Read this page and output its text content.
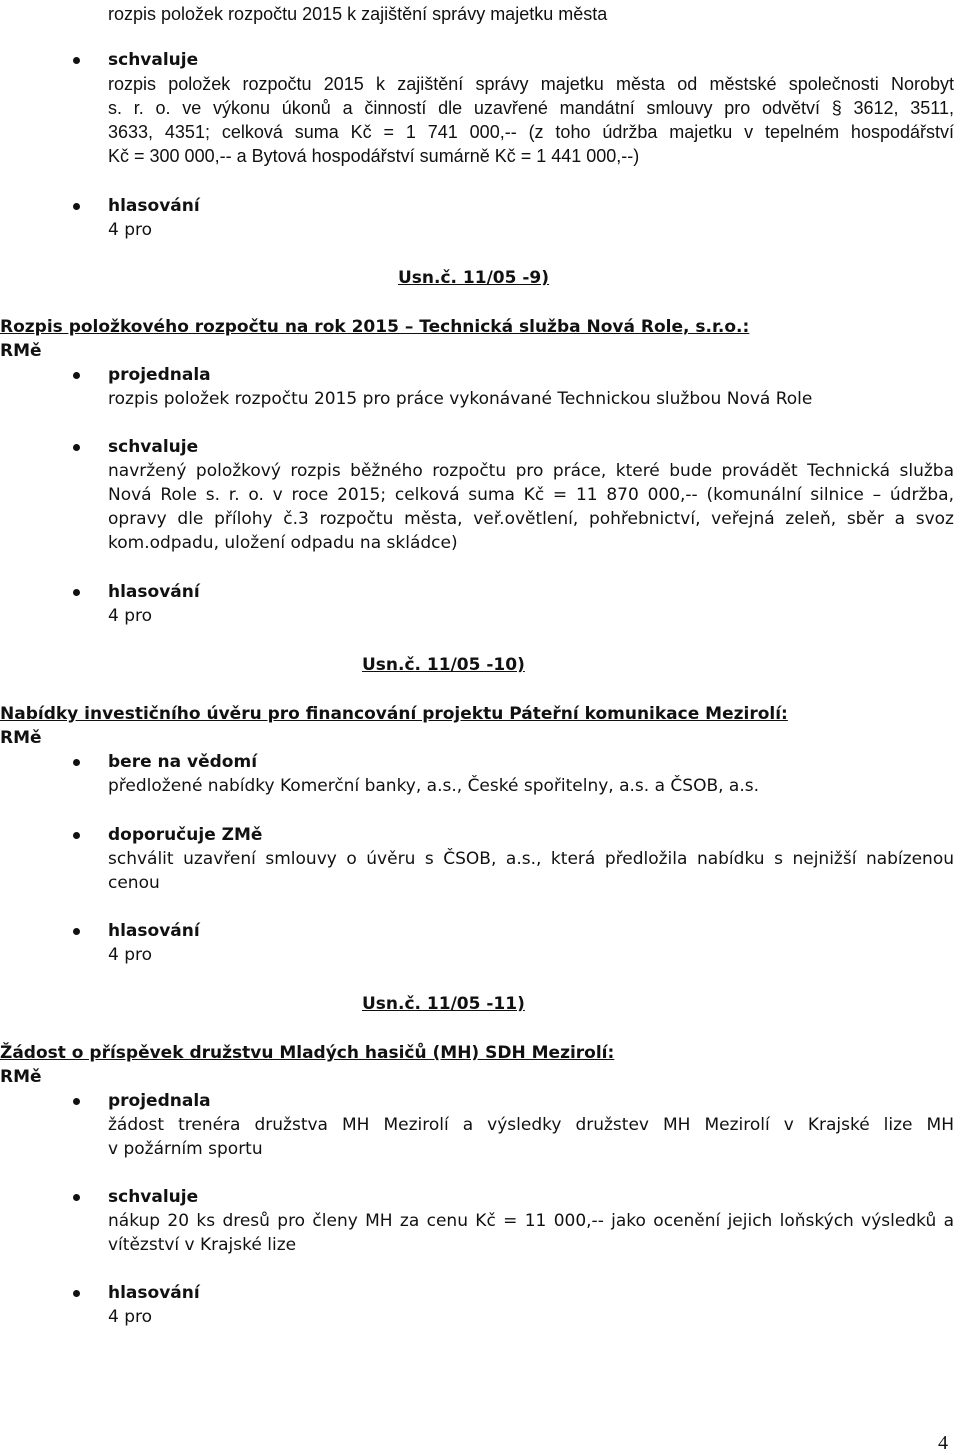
rozpis položek rozpočtu 2015 k zajištění správy majetku města
schvaluje
rozpis položek rozpočtu 2015 k zajištění správy majetku města od městské společnosti Norobyt
s. r. o. ve výkonu úkonů a činností dle uzavřené mandátní smlouvy pro odvětví § 3612, 3511,
3633, 4351; celková suma Kč = 1 741 000,-- (z toho údržba majetku v tepelném hospodářství
Kč = 300 000,-- a Bytová hospodářství sumárně Kč = 1 441 000,--)
hlasování
4 pro
Usn.č. 11/05 -9)
Rozpis položkového rozpočtu na rok 2015 – Technická služba Nová Role, s.r.o.:
RMě
projednala
rozpis položek rozpočtu 2015 pro práce vykonávané Technickou službou Nová Role
schvaluje
navržený položkový rozpis běžného rozpočtu pro práce, které bude provádět Technická služba
Nová Role s. r. o. v roce 2015; celková suma Kč = 11 870 000,-- (komunální silnice – údržba,
opravy dle přílohy č.3 rozpočtu města, veř.ovětlení, pohřebnictví, veřejná zeleň, sběr a svoz
kom.odpadu, uložení odpadu na skládce)
hlasování
4 pro
Usn.č. 11/05 -10)
Nabídky investičního úvěru pro financování projektu Páteřní komunikace Mezirolí:
RMě
bere na vědomí
předložené nabídky Komerční banky, a.s., České spořitelny, a.s. a ČSOB, a.s.
doporučuje ZMě
schválit uzavření smlouvy o úvěru s ČSOB, a.s., která předložila nabídku s nejnižší nabízenou
cenou
hlasování
4 pro
Usn.č. 11/05 -11)
Žádost o příspěvek družstvu Mladých hasičů (MH) SDH Mezirolí:
RMě
projednala
žádost trenéra družstva MH Mezirolí a výsledky družstev MH Mezirolí v Krajské lize MH
v požárním sportu
schvaluje
nákup 20 ks dresů pro členy MH za cenu Kč = 11 000,-- jako ocenění jejich loňských výsledků a
vítězství v Krajské lize
hlasování
4 pro
4
